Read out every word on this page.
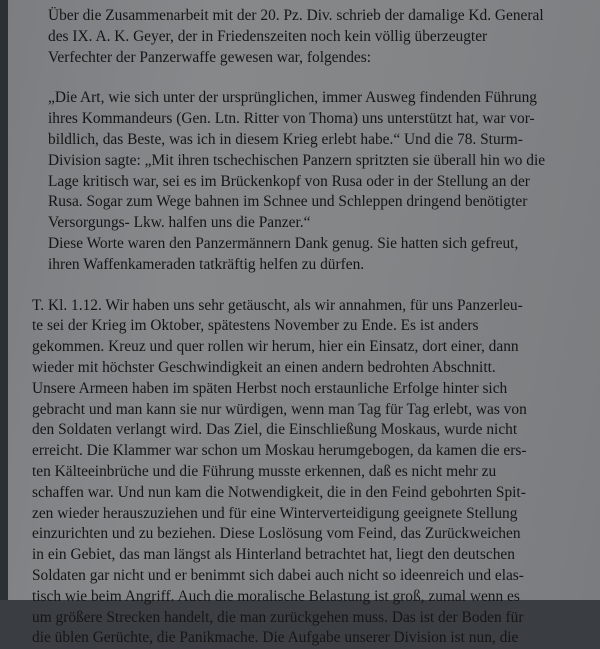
Über die Zusammenarbeit mit der 20. Pz. Div. schrieb der damalige Kd. General
des IX. A. K. Geyer, der in Friedenszeiten noch kein völlig überzeugter
Verfechter der Panzerwaffe gewesen war, folgendes:

„Die Art, wie sich unter der ursprünglichen, immer Ausweg findenden Führung
ihres Kommandeurs (Gen. Ltn. Ritter von Thoma) uns unterstützt hat, war vor-
bildlich, das Beste, was ich in diesem Krieg erlebt habe.“ Und die 78. Sturm-
Division sagte: „Mit ihren tschechischen Panzern spritzten sie überall hin wo die
Lage kritisch war, sei es im Brückenkopf von Rusa oder in der Stellung an der
Rusa. Sogar zum Wege bahnen im Schnee und Schleppen dringend benötigter
Versorgungs- Lkw. halfen uns die Panzer.“
Diese Worte waren den Panzermännern Dank genug. Sie hatten sich gefreut,
ihren Waffenkameraden tatkräftig helfen zu dürfen.

T. Kl. 1.12. Wir haben uns sehr getäuscht, als wir annahmen, für uns Panzerleu-
te sei der Krieg im Oktober, spätestens November zu Ende. Es ist anders
gekommen. Kreuz und quer rollen wir herum, hier ein Einsatz, dort einer, dann
wieder mit höchster Geschwindigkeit an einen andern bedrohten Abschnitt.
Unsere Armeen haben im späten Herbst noch erstaunliche Erfolge hinter sich
gebracht und man kann sie nur würdigen, wenn man Tag für Tag erlebt, was von
den Soldaten verlangt wird. Das Ziel, die Einschließung Moskaus, wurde nicht
erreicht. Die Klammer war schon um Moskau herumgebogen, da kamen die ers-
ten Kälteeinbrüche und die Führung musste erkennen, daß es nicht mehr zu
schaffen war. Und nun kam die Notwendigkeit, die in den Feind gebohrten Spit-
zen wieder herauszuziehen und für eine Winterverteidigung geeignete Stellung
einzurichten und zu beziehen. Diese Loslösung vom Feind, das Zurückweichen
in ein Gebiet, das man längst als Hinterland betrachtet hat, liegt den deutschen
Soldaten gar nicht und er benimmt sich dabei auch nicht so ideenreich und elas-
tisch wie beim Angriff. Auch die moralische Belastung ist groß, zumal wenn es
um größere Strecken handelt, die man zurückgehen muss. Das ist der Boden für
die üblen Gerüchte, die Panikmache. Die Aufgabe unserer Division ist nun, die
